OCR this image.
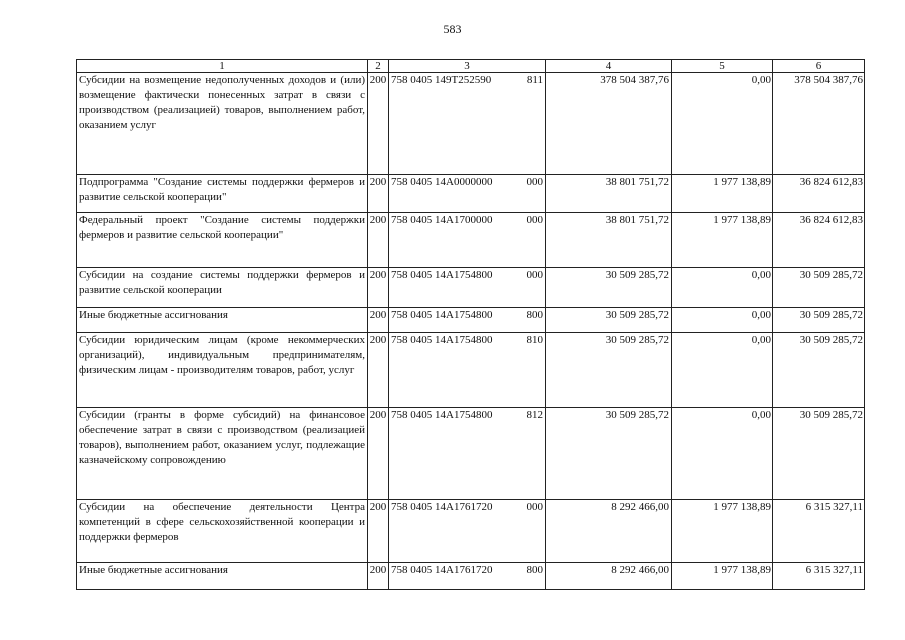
583
1	2	3	4	5	6
Субсидии на возмещение недополученных доходов и (или) возмещение фактически понесенных затрат в связи с производством (реализацией) товаров, выполнением работ, оказанием услуг	200	758 0405 149Т252590 811	378 504 387,76	0,00	378 504 387,76
Подпрограмма "Создание системы поддержки фермеров и развитие сельской кооперации"	200	758 0405 14А0000000 000	38 801 751,72	1 977 138,89	36 824 612,83
Федеральный проект "Создание системы поддержки фермеров и развитие сельской кооперации"	200	758 0405 14А1700000 000	38 801 751,72	1 977 138,89	36 824 612,83
Субсидии на создание системы поддержки фермеров и развитие сельской кооперации	200	758 0405 14А1754800 000	30 509 285,72	0,00	30 509 285,72
Иные бюджетные ассигнования	200	758 0405 14А1754800 800	30 509 285,72	0,00	30 509 285,72
Субсидии юридическим лицам (кроме некоммерческих организаций), индивидуальным предпринимателям, физическим лицам - производителям товаров, работ, услуг	200	758 0405 14А1754800 810	30 509 285,72	0,00	30 509 285,72
Субсидии (гранты в форме субсидий) на финансовое обеспечение затрат в связи с производством (реализацией товаров), выполнением работ, оказанием услуг, подлежащие казначейскому сопровождению	200	758 0405 14А1754800 812	30 509 285,72	0,00	30 509 285,72
Субсидии на обеспечение деятельности Центра компетенций в сфере сельскохозяйственной кооперации и поддержки фермеров	200	758 0405 14А1761720 000	8 292 466,00	1 977 138,89	6 315 327,11
Иные бюджетные ассигнования	200	758 0405 14А1761720 800	8 292 466,00	1 977 138,89	6 315 327,11
